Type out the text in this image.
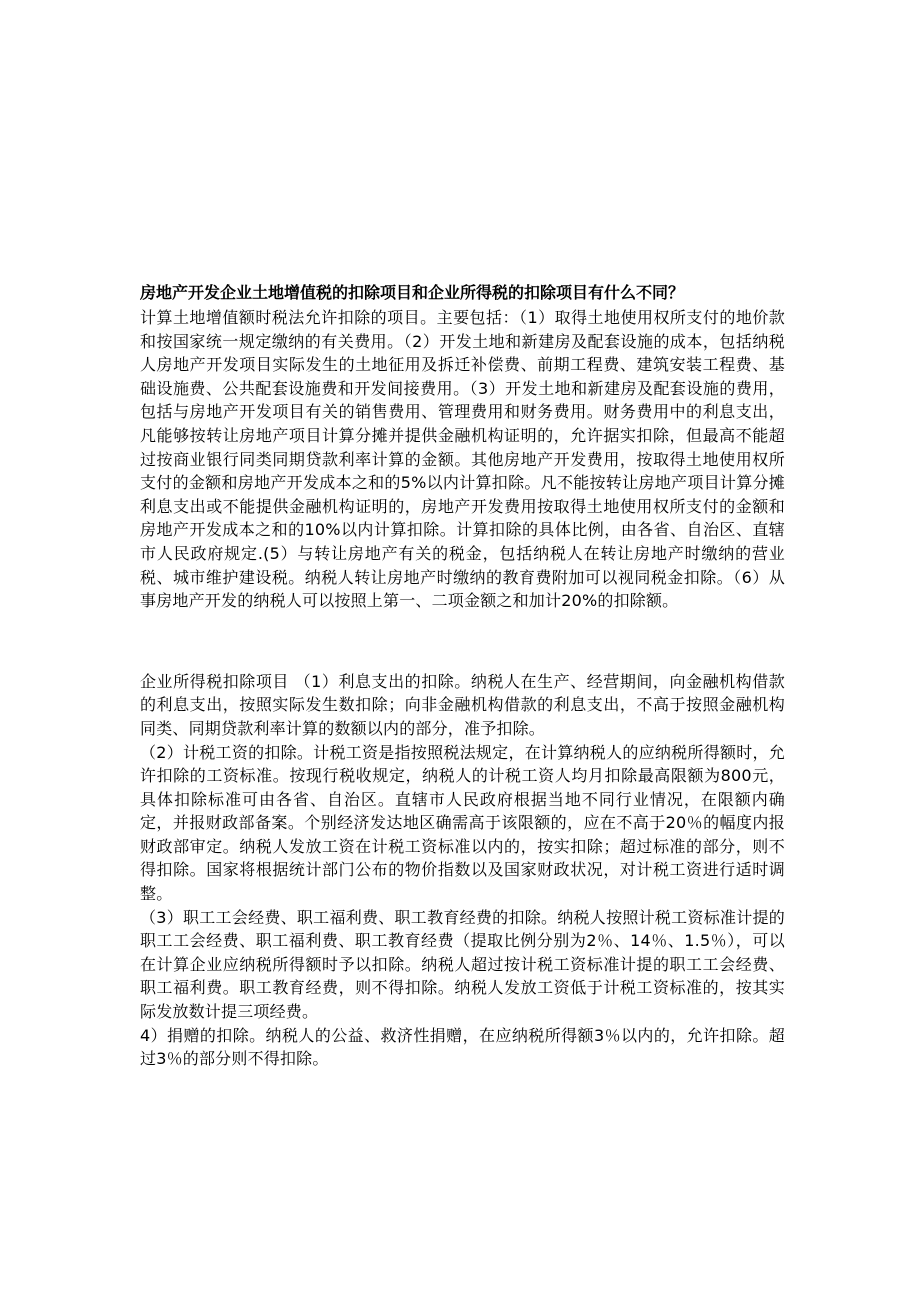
房地产开发企业土地增值税的扣除项目和企业所得税的扣除项目有什么不同？

计算土地增值额时税法允许扣除的项目。主要包括：（1）取得土地使用权所支付的地价款和按国家统一规定缴纳的有关费用。（2）开发土地和新建房及配套设施的成本，包括纳税人房地产开发项目实际发生的土地征用及拆迁补偿费、前期工程费、建筑安装工程费、基础设施费、公共配套设施费和开发间接费用。（3）开发土地和新建房及配套设施的费用，包括与房地产开发项目有关的销售费用、管理费用和财务费用。财务费用中的利息支出，凡能够按转让房地产项目计算分摊并提供金融机构证明的，允许据实扣除，但最高不能超过按商业银行同类同期贷款利率计算的金额。其他房地产开发费用，按取得土地使用权所支付的金额和房地产开发成本之和的5%以内计算扣除。凡不能按转让房地产项目计算分摊利息支出或不能提供金融机构证明的，房地产开发费用按取得土地使用权所支付的金额和房地产开发成本之和的10%以内计算扣除。计算扣除的具体比例，由各省、自治区、直辖市人民政府规定.(5）与转让房地产有关的税金，包括纳税人在转让房地产时缴纳的营业税、城市维护建设税。纳税人转让房地产时缴纳的教育费附加可以视同税金扣除。（6）从事房地产开发的纳税人可以按照上第一、二项金额之和加计20%的扣除额。

企业所得税扣除项目 （1）利息支出的扣除。纳税人在生产、经营期间，向金融机构借款的利息支出，按照实际发生数扣除；向非金融机构借款的利息支出，不高于按照金融机构同类、同期贷款利率计算的数额以内的部分，准予扣除。

（2）计税工资的扣除。计税工资是指按照税法规定，在计算纳税人的应纳税所得额时，允许扣除的工资标准。按现行税收规定，纳税人的计税工资人均月扣除最高限额为800元，具体扣除标准可由各省、自治区。直辖市人民政府根据当地不同行业情况，在限额内确定，并报财政部备案。个别经济发达地区确需高于该限额的，应在不高于20％的幅度内报财政部审定。纳税人发放工资在计税工资标准以内的，按实扣除；超过标准的部分，则不得扣除。国家将根据统计部门公布的物价指数以及国家财政状况，对计税工资进行适时调整。

（3）职工工会经费、职工福利费、职工教育经费的扣除。纳税人按照计税工资标准计提的职工工会经费、职工福利费、职工教育经费（提取比例分别为2％、14％、1.5％），可以在计算企业应纳税所得额时予以扣除。纳税人超过按计税工资标准计提的职工工会经费、职工福利费。职工教育经费，则不得扣除。纳税人发放工资低于计税工资标准的，按其实际发放数计提三项经费。

4）捐赠的扣除。纳税人的公益、救济性捐赠，在应纳税所得额3％以内的，允许扣除。超过3％的部分则不得扣除。
